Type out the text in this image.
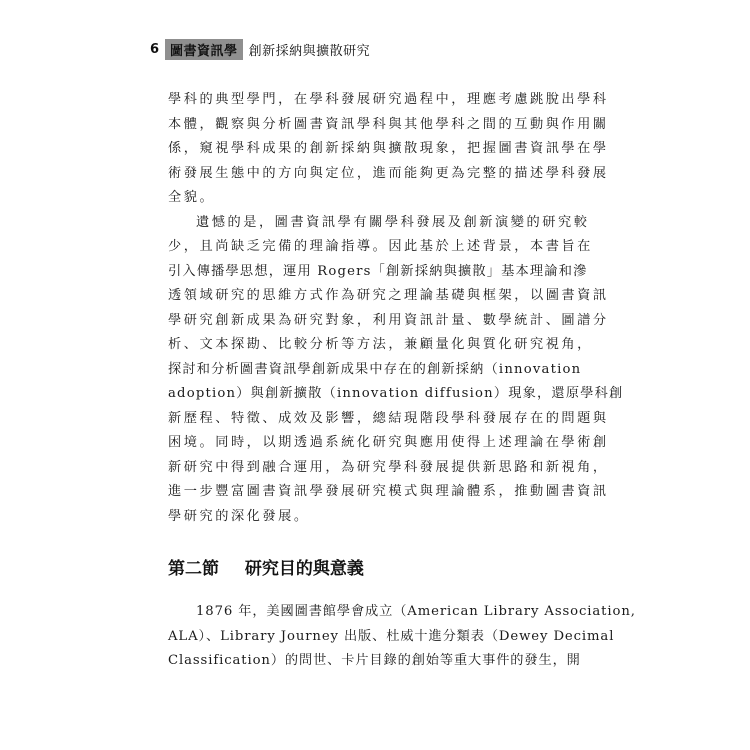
6 圖書資訊學 創新採納與擴散研究
學科的典型學門，在學科發展研究過程中，理應考慮跳脫出學科
本體，觀察與分析圖書資訊學科與其他學科之間的互動與作用關
係，窺視學科成果的創新採納與擴散現象，把握圖書資訊學在學
術發展生態中的方向與定位，進而能夠更為完整的描述學科發展
全貌。
遺憾的是，圖書資訊學有關學科發展及創新演變的研究較
少，且尚缺乏完備的理論指導。因此基於上述背景，本書旨在
引入傳播學思想，運用 Rogers「創新採納與擴散」基本理論和滲
透領域研究的思維方式作為研究之理論基礎與框架，以圖書資訊
學研究創新成果為研究對象，利用資訊計量、數學統計、圖譜分
析、文本探勘、比較分析等方法，兼顧量化與質化研究視角，
探討和分析圖書資訊學創新成果中存在的創新採納（innovation
adoption）與創新擴散（innovation diffusion）現象，還原學科創
新歷程、特徵、成效及影響，總結現階段學科發展存在的問題與
困境。同時，以期透過系統化研究與應用使得上述理論在學術創
新研究中得到融合運用，為研究學科發展提供新思路和新視角，
進一步豐富圖書資訊學發展研究模式與理論體系，推動圖書資訊
學研究的深化發展。
第二節 研究目的與意義
1876 年，美國圖書館學會成立（American Library Association,
ALA）、Library Journey 出版、杜威十進分類表（Dewey Decimal
Classification）的問世、卡片目錄的創始等重大事件的發生，開
